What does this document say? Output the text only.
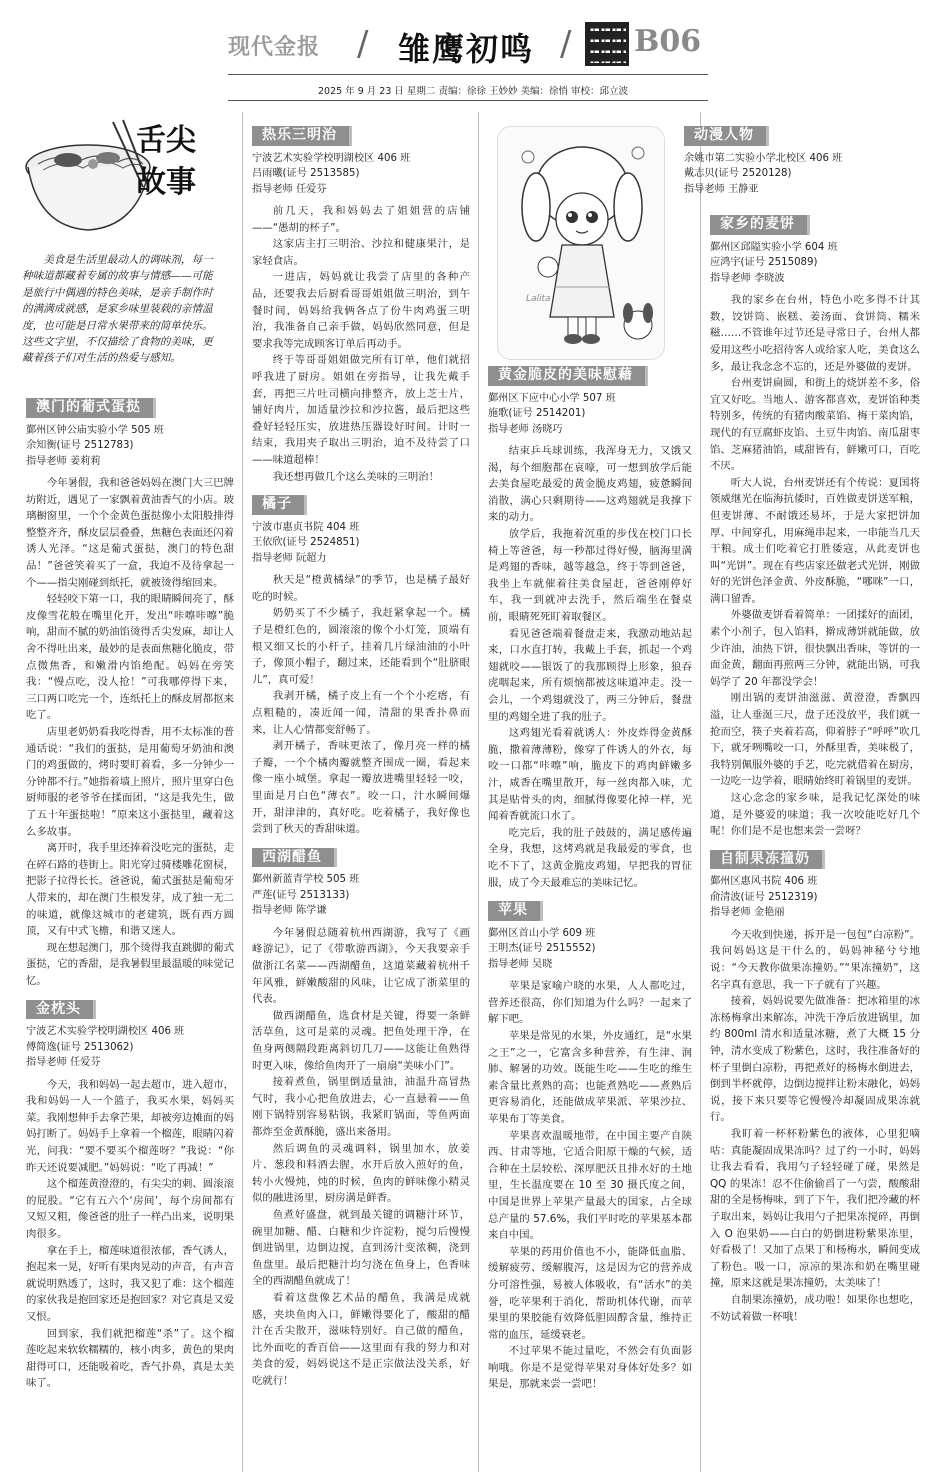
现代金报 / 雏鹰初鸣 / B06
2025 年 9 月 23 日 星期二 责编：徐徐 王妙妙 美编：徐悄 审校：邱立波
舌尖
故事

美食是生活里最动人的调味剂，每一种味道都藏着专属的故事与情感——可能是旅行中偶遇的特色美味，是亲手制作时的满满成就感，是家乡味里装载的亲情温度，也可能是日常水果带来的简单快乐。这些文字里，不仅描绘了食物的美味，更藏着孩子们对生活的热爱与感知。

澳门的葡式蛋挞

鄞州区钟公庙实验小学 505 班

余知衡(证号 2512783)

指导老师 姜莉莉

今年暑假，我和爸爸妈妈在澳门大三巴牌坊附近，遇见了一家飘着黄油香气的小店。玻璃橱窗里，一个个金黄色蛋挞像小太阳般排得整整齐齐，酥皮层层叠叠，焦糖色表面还闪着诱人光泽。“这是葡式蛋挞，澳门的特色甜品！”爸爸笑着买了一盒，我迫不及待拿起一个——指尖刚碰到纸托，就被烫得缩回来。

轻轻咬下第一口，我的眼睛瞬间亮了，酥皮像雪花般在嘴里化开，发出“咔嚓咔嚓”脆响，甜而不腻的奶油馅烫得舌尖发麻，却让人舍不得吐出来，最妙的是表面焦糖化脆皮，带点微焦香，和嫩滑内馅绝配。妈妈在旁笑我：“慢点吃，没人抢！”可我哪停得下来，三口两口吃完一个，连纸托上的酥皮屑都抠来吃了。

店里老奶奶看我吃得香，用不太标准的普通话说：“我们的蛋挞，是用葡萄牙奶油和澳门的鸡蛋做的，烤时要盯着看，多一分钟少一分钟都不行。”她指着墙上照片，照片里穿白色厨师服的老爷爷在揉面团，“这是我先生，做了五十年蛋挞啦！”原来这小蛋挞里，藏着这么多故事。

离开时，我手里还捧着没吃完的蛋挞，走在碎石路的巷街上。阳光穿过骑楼雕花窗棂，把影子拉得长长。爸爸说，葡式蛋挞是葡萄牙人带来的，却在澳门生根发芽，成了独一无二的味道，就像这城市的老建筑，既有西方圆顶，又有中式飞檐，和谐又迷人。

现在想起澳门，那个烫得我直跳脚的葡式蛋挞，它的香甜，是我暑假里最温暖的味觉记忆。

金枕头

宁波艺术实验学校明湖校区 406 班

傅简逸(证号 2513062)

指导老师 任爱芬

今天，我和妈妈一起去超市，进入超市，我和妈妈一人一个篮子，我买水果，妈妈买菜。我刚想伸手去拿芒果，却被旁边摊面的妈妈打断了。妈妈手上拿着一个榴莲，眼睛闪着光，问我：“要不要买个榴莲呀？”我说：“你昨天还说要减肥。”妈妈说：“吃了再减！”

这个榴莲黄澄澄的，有尖尖的刺、圆滚滚的屁股。“它有五六个‘房间’，每个房间都有又短又粗，像爸爸的肚子一样凸出来，说明果肉很多。

拿在手上，榴莲味道很浓郁，香气诱人，抱起来一晃，好听有果肉晃动的声音，有声音就说明熟透了，这时，我又犯了难：这个榴莲的家伙我是抱回家还是抱回家？对它真是又爱又恨。

回到家，我们就把榴莲“杀”了。这个榴莲吃起来软软糯糯的，核小肉多，黄色的果肉甜得可口，还能吸着吃，香气扑鼻，真是太美味了。

热乐三明治

宁波艺术实验学校明湖校区 406 班

吕雨曦(证号 2513585)

指导老师 任爱芬

前几天，我和妈妈去了姐姐营的店铺——“愚胡的杯子”。

这家店主打三明治、沙拉和健康果汁，是家轻食店。

一进店，妈妈就让我尝了店里的各种产品，还要我去后厨看哥哥姐姐做三明治，到午餐时间，妈妈给我俩各点了份牛肉鸡蛋三明治，我准备自己亲手做，妈妈欣然同意，但是要求我等完成顾客订单后再动手。

终于等哥哥姐姐做完所有订单，他们就招呼我进了厨房。姐姐在旁指导，让我先戴手套，再把三片吐司横向排整齐，放上芝士片，铺好肉片，加适量沙拉和沙拉酱，最后把这些叠好轻轻压实，放进热压器设好时间。计时一结束，我用夹子取出三明治，迫不及待尝了口——味道超棒！

我还想再做几个这么美味的三明治！

橘子

宁波市惠贞书院 404 班

王依欣(证号 2524851)

指导老师 阮超力

秋天是“橙黄橘绿”的季节，也是橘子最好吃的时候。

奶奶买了不少橘子，我赶紧拿起一个。橘子是橙红色的，圆滚滚的像个小灯笼，顶端有根又细又长的小杆子，挂着几片绿油油的小叶子，像顶小帽子，翻过来，还能看到个“肚脐眼儿”，真可爱！

我剥开橘，橘子皮上有一个个小疙瘩，有点粗糙的，凑近闻一闻，清甜的果香扑鼻而来，让人心情都变舒畅了。

剥开橘子，香味更浓了，像月亮一样的橘子瓣，一个个橘肉瓣就整齐围成一圈，看起来像一座小城堡。拿起一瓣放进嘴里轻轻一咬，里面是月白色“薄衣”。咬一口，汁水瞬间爆开，甜津津的，真好吃。吃着橘子，我好像也尝到了秋天的香甜味道。

西湖醋鱼

鄞州新蓝青学校 505 班

严莲(证号 2513133)

指导老师 陈学谦

今年暑假总随着杭州西湖游，我写了《画峰游记》，记了《带歌游西湖》，今天我要亲手做浙江名菜——西湖醋鱼，这道菜藏着杭州千年风雅，鲜嫩酸甜的风味，让它成了浙菜里的代表。

做西湖醋鱼，选食材是关键，得要一条鲜活草鱼，这可是菜的灵魂。把鱼处理干净，在鱼身两侧隔段距离斜切几刀——这能让鱼熟得时更入味，像给鱼肉开了一扇扇“美味小门”。

接着煮鱼，锅里倒适量油，油温升高冒热气时，我小心把鱼放进去，心一直悬着——鱼刚下锅特别容易粘锅，我紧盯锅面，等鱼两面都炸至金黄酥脆，盛出来备用。

然后调鱼的灵魂调料，锅里加水，放姜片、葱段和料酒去腥，水开后放入煎好的鱼，转小火慢炖，炖的时候，鱼肉的鲜味像小精灵似的融进汤里，厨房满是鲜香。

鱼煮好盛盘，就到最关键的调糖汁环节，碗里加糖、醋、白糖和少许淀粉，搅匀后慢慢倒进锅里，边倒边搅，直到汤汁变浓稠，浇到鱼盘里。最后把糖汁均匀浇在鱼身上，色香味全的西湖醋鱼就成了！

看着这盘像艺术品的醋鱼，我满是成就感，夹块鱼肉入口，鲜嫩得要化了，酸甜的醋汁在舌尖散开，滋味特别好。自己做的醋鱼，比外面吃的香百倍——这里面有我的努力和对美食的爱，妈妈说这不是正宗做法没关系，好吃就行！

Lalita
黄金脆皮的美味慰藉

鄞州区下应中心小学 507 班

施歌(证号 2514201)

指导老师 汤晓巧

结束乒乓球训练，我浑身无力，又饿又渴，每个细胞都在哀嚎，可一想到放学后能去美食屋吃最爱的黄金脆皮鸡翅，疲惫瞬间消散，满心只剩期待——这鸡翅就是我撑下来的动力。

放学后，我拖着沉重的步伐在校门口长椅上等爸爸，每一秒都过得好慢，脑海里满是鸡翅的香味，越等越急，终于等到爸爸，我坐上车就催着往美食屋赶，爸爸刚停好车，我一到就冲去洗手，然后端坐在餐桌前，眼睛死死盯着取餐区。

看见爸爸端着餐盘走来，我激动地站起来，口水直打转，我戴上手套，抓起一个鸡翅就咬——银饭了的我那顾得上形象，狼吞虎咽起来，所有烦恼都被这味道冲走。没一会儿，一个鸡翅就没了，两三分钟后，餐盘里的鸡翅全进了我的肚子。

这鸡翅光看着就诱人：外皮炸得金黄酥脆，撒着薄薄粉，像穿了件诱人的外衣，每咬一口都“咔嚓”响，脆皮下的鸡肉鲜嫩多汁，咸香在嘴里散开，每一丝肉都入味，尤其是贴骨头的肉，细腻得像要化掉一样，光闻着香就流口水了。

吃完后，我的肚子鼓鼓的，满足感传遍全身，我想，这烤鸡就是我最爱的零食，也吃不下了，这黄金脆皮鸡翅，早把我的胃征服，成了今天最难忘的美味记忆。

苹果

鄞州区首山小学 609 班

王明杰(证号 2515552)

指导老师 吴晓

苹果是家喻户晓的水果，人人都吃过，营养还很高，你们知道为什么吗？一起来了解下吧。

苹果是常见的水果，外皮通红，是“水果之王”之一，它富含多种营养，有生津、润肺、解暑的功效。既能生吃——生吃的维生素含量比煮熟的高；也能煮熟吃——煮熟后更容易消化，还能做成苹果派、苹果沙拉、苹果布丁等美食。

苹果喜欢温暖地带，在中国主要产自陕西、甘肃等地，它适合阳原干燥的气候，适合种在土层较松、深厚肥沃且排水好的土地里，生长温度要在 10 至 30 摄氏度之间，中国是世界上苹果产量最大的国家，占全球总产量的 57.6%，我们平时吃的苹果基本都来自中国。

苹果的药用价值也不小，能降低血脂、缓解疲劳、缓解腹泻，这是因为它的营养成分可溶性强，易被人体吸收，有“活水”的美誉，吃苹果利于消化，帮助机体代谢，而苹果里的果胶能有效降低胆固醇含量，维持正常的血压，延缓衰老。

不过苹果不能过量吃，不然会有负面影响哦。你是不是觉得苹果对身体好处多？如果是，那就来尝一尝吧！

动漫人物

余姚市第二实验小学北校区 406 班

戴志贝(证号 2520128)

指导老师 王静亚

家乡的麦饼

鄞州区邱隘实验小学 604 班

应鸿宇(证号 2515089)

指导老师 李晓波

我的家乡在台州，特色小吃多得不计其数，饺饼筒、嵌糕、姜汤面、食饼筒、糯米糍……不管谁年过节还是寻常日子，台州人都爱用这些小吃招待客人或给家人吃，美食这么多，最让我念念不忘的，还是外婆做的麦饼。

台州麦饼扁圆，和街上的烧饼差不多，俗宜又好吃。当地人、游客都喜欢，麦饼馅种类特别多，传统的有猪肉酸菜馅、梅干菜肉馅，现代的有豆腐虾皮馅、土豆牛肉馅、南瓜甜枣馅、芝麻猪油馅，咸甜皆有，鲜嫩可口，百吃不厌。

听大人说，台州麦饼还有个传说：夏国将领威继光在临海抗倭时，百姓做麦饼送军粮，但麦饼薄、不耐饿还易坏，于是大家把饼加厚、中间穿孔，用麻绳串起来，一串能当几天干粮。成士们吃着它打胜倭寇，从此麦饼也叫“光饼”。现在有些店家还做老式光饼，刚做好的光饼色泽金黄、外皮酥脆，“哪咪”一口，满口留香。

外婆做麦饼看着简单：一团揉好的面团，素个小剂子，包入馅料，擀成薄饼就能做，放少许油，油热下饼，很快飘出香味，等饼的一面金黄，翻面再煎两三分钟，就能出锅，可我妈学了 20 年都没学会！

刚出锅的麦饼油滋滋、黄澄澄，香飘四溢，让人垂涎三尺，盘子还没放平，我们就一抢而空，筷子夹着若高，仰着脖子“呼呼”吹几下，就牙咧嘴咬一口，外酥里香，美味极了，我特别佩服外婆的手艺，吃完就借着在厨房，一边吃一边学着，眼睛始终盯着锅里的麦饼。

这心念念的家乡味，是我记忆深处的味道，是外婆爱的味道；我一次咬能吃好几个呢！你们是不是也想来尝一尝呀？

自制果冻撞奶

鄞州区惠风书院 406 班

俞清波(证号 2512319)

指导老师 金艳丽

今天收到快递，拆开是一包包“白凉粉”。我问妈妈这是干什么的，妈妈神秘兮兮地说：“今天教你做果冻撞奶。”“果冻撞奶”，这名字真有意思，我一下子就有了兴趣。

接着，妈妈说要先做准备：把冰箱里的冰冻杨梅拿出来解冻，冲洗干净后放进锅里，加约 800ml 清水和适量冰糖，煮了大概 15 分钟，清水变成了粉紫色，这时，我往准备好的杯子里倒白凉粉，再把煮好的杨梅水倒进去，倒到半杯就停，边倒边搅拌让粉末融化，妈妈说，接下来只要等它慢慢冷却凝固成果冻就行。

我盯着一杯杯粉紫色的液体，心里犯嘀咕：真能凝固成果冻吗？过了约一小时，妈妈让我去看看，我用勺子轻轻碰了碰，果然是 QQ 的果冻！忍不住偷偷舀了一勺尝，酸酸甜甜的全是杨梅味，到了下午，我们把冷藏的杯子取出来，妈妈让我用勺子把果冻搅碎，再倒入 O 泡果奶——白白的奶倒进粉紫果冻里，好看极了！又加了点果丁和杨梅水，瞬间变成了粉色。吸一口，凉凉的果冻和奶在嘴里碰撞，原来这就是果冻撞奶，太美味了！

自制果冻撞奶，成功啦！如果你也想吃，不妨试着做一杯哦！
